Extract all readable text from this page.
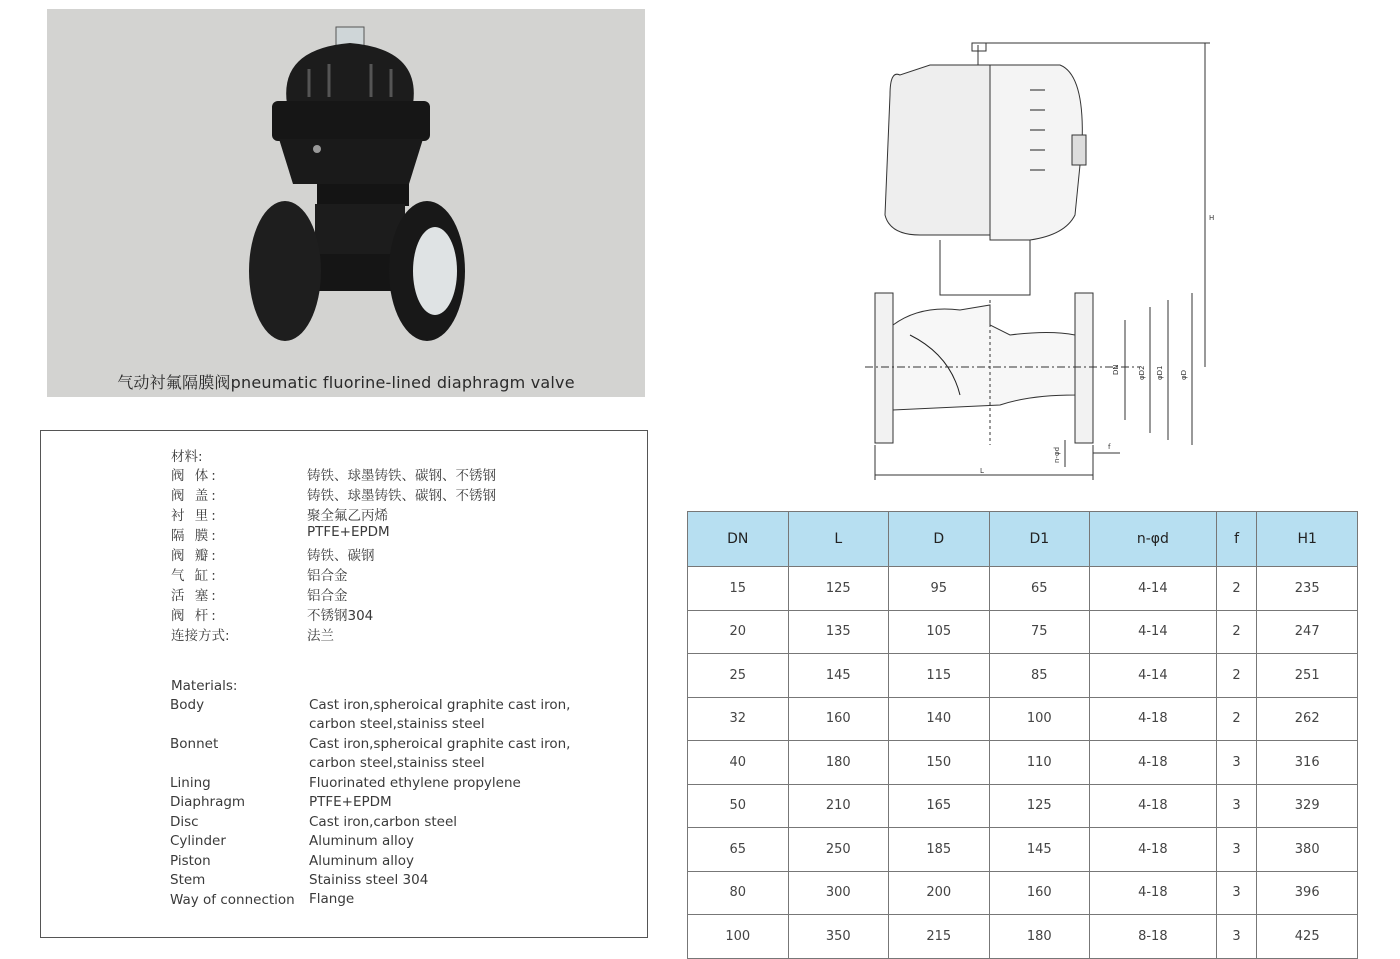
气动衬氟隔膜阀pneumatic fluorine-lined diaphragm valve
材料:
阀 体:	铸铁、球墨铸铁、碳钢、不锈钢
阀 盖:	铸铁、球墨铸铁、碳钢、不锈钢
衬 里:	聚全氟乙丙烯
隔 膜:	PTFE+EPDM
阀 瓣:	铸铁、碳钢
气 缸:	铝合金
活 塞:	铝合金
阀 杆:	不锈钢304
连接方式:	法兰
Materials:
Body	Cast iron,spheroical graphite cast iron,
carbon steel,stainiss steel
Bonnet	Cast iron,spheroical graphite cast iron,
carbon steel,stainiss steel
Lining	Fluorinated ethylene propylene
Diaphragm	PTFE+EPDM
Disc	Cast iron,carbon steel
Cylinder	Aluminum alloy
Piston	Aluminum alloy
Stem	Stainiss steel 304
Way of connection Flange
H
DN	φD2 φD1 φD
n-φd	f
L
DN	L	D	D1	n-φd	f	H1
15	125	95	65	4-14	2	235
20	135	105	75	4-14	2	247
25	145	115	85	4-14	2	251
32	160	140	100	4-18	2	262
40	180	150	110	4-18	3	316
50	210	165	125	4-18	3	329
65	250	185	145	4-18	3	380
80	300	200	160	4-18	3	396
100	350	215	180	8-18	3	425
